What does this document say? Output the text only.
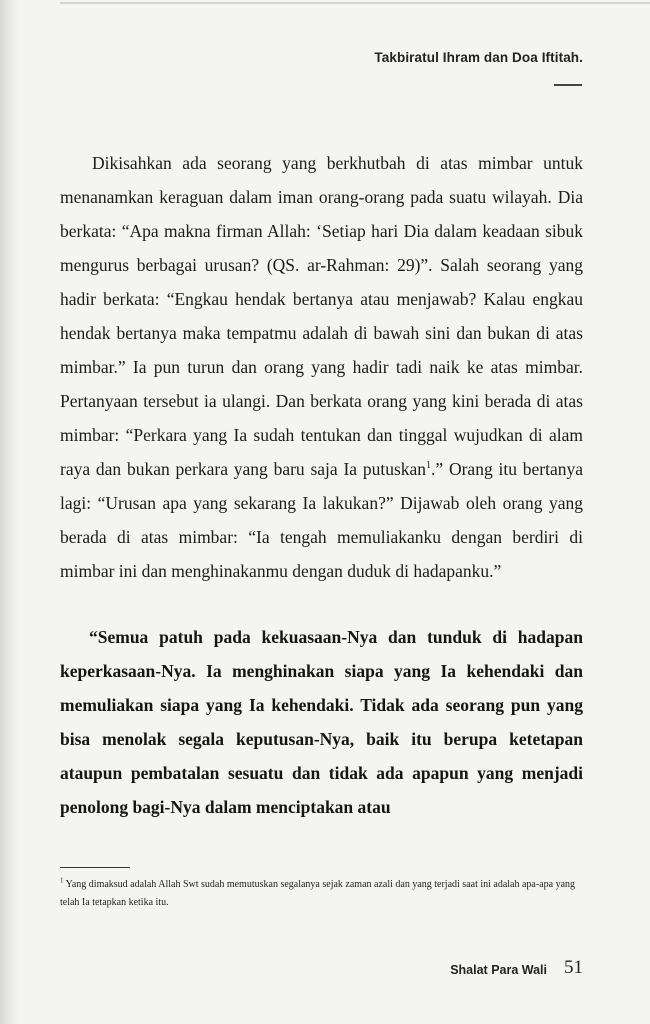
Takbiratul Ihram dan Doa Iftitah.

Dikisahkan ada seorang yang berkhutbah di atas mimbar untuk menanamkan keraguan dalam iman orang-orang pada suatu wilayah. Dia berkata: “Apa makna firman Allah: ‘Setiap hari Dia dalam keadaan sibuk mengurus berbagai urusan? (QS. ar-Rahman: 29)”. Salah seorang yang hadir berkata: “Engkau hendak bertanya atau menjawab? Kalau engkau hendak bertanya maka tempatmu adalah di bawah sini dan bukan di atas mimbar.” Ia pun turun dan orang yang hadir tadi naik ke atas mimbar. Pertanyaan tersebut ia ulangi. Dan berkata orang yang kini berada di atas mimbar: “Perkara yang Ia sudah tentukan dan tinggal wujudkan di alam raya dan bukan perkara yang baru saja Ia putuskan$^1$.” Orang itu bertanya lagi: “Urusan apa yang sekarang Ia lakukan?” Dijawab oleh orang yang berada di atas mimbar: “Ia tengah memuliakanku dengan berdiri di mimbar ini dan menghinakanmu dengan duduk di hadapanku.”

“Semua patuh pada kekuasaan-Nya dan tunduk di hadapan keperkasaan-Nya. Ia menghinakan siapa yang Ia kehendaki dan memuliakan siapa yang Ia kehendaki. Tidak ada seorang pun yang bisa menolak segala keputusan-Nya, baik itu berupa ketetapan ataupun pembatalan sesuatu dan tidak ada apapun yang menjadi penolong bagi-Nya dalam menciptakan atau

$^1$ Yang dimaksud adalah Allah Swt sudah memutuskan segalanya sejak zaman azali dan yang terjadi saat ini adalah apa-apa yang telah Ia tetapkan ketika itu.

Shalat Para Wali 51
